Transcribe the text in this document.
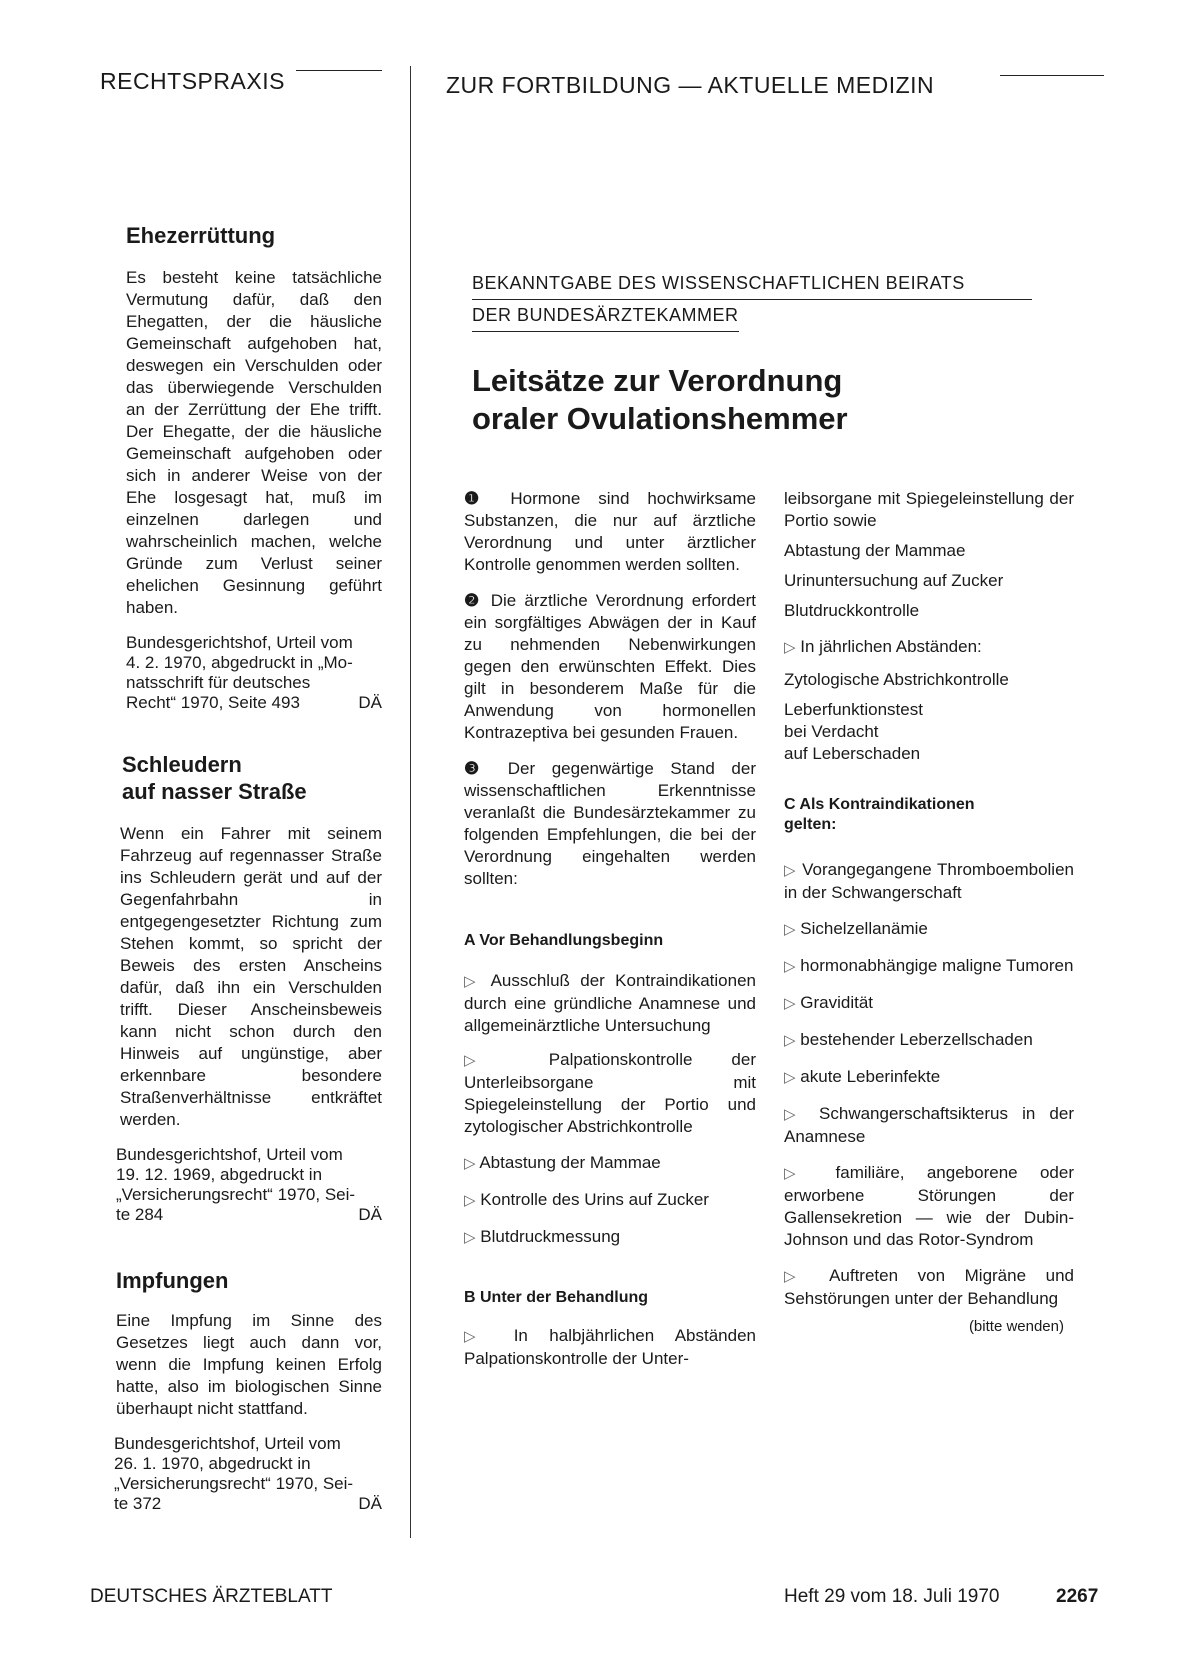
RECHTSPRAXIS	ZUR FORTBILDUNG — AKTUELLE MEDIZIN
Ehezerrüttung

Es besteht keine tatsächliche Vermutung dafür, daß den Ehegatten, der die häusliche Gemeinschaft aufgehoben hat, deswegen ein Verschulden oder das überwiegende Verschulden an der Zerrüttung der Ehe trifft. Der Ehegatte, der die häusliche Gemeinschaft aufgehoben oder sich in anderer Weise von der Ehe losgesagt hat, muß im einzelnen darlegen und wahrscheinlich machen, welche Gründe zum Verlust seiner ehelichen Gesinnung geführt haben.

Bundesgerichtshof, Urteil vom
4. 2. 1970, abgedruckt in „Mo-
natsschrift für deutsches
Recht“ 1970, Seite 493	DÄ
Schleudern
auf nasser Straße

Wenn ein Fahrer mit seinem Fahrzeug auf regennasser Straße ins Schleudern gerät und auf der Gegenfahrbahn in entgegengesetzter Richtung zum Stehen kommt, so spricht der Beweis des ersten Anscheins dafür, daß ihn ein Verschulden trifft. Dieser Anscheinsbeweis kann nicht schon durch den Hinweis auf ungünstige, aber erkennbare besondere Straßenverhältnisse entkräftet werden.

Bundesgerichtshof, Urteil vom
19. 12. 1969, abgedruckt in
„Versicherungsrecht“ 1970, Sei-
te 284	DÄ
Impfungen

Eine Impfung im Sinne des Gesetzes liegt auch dann vor, wenn die Impfung keinen Erfolg hatte, also im biologischen Sinne überhaupt nicht stattfand.

Bundesgerichtshof, Urteil vom
26. 1. 1970, abgedruckt in
„Versicherungsrecht“ 1970, Sei-
te 372	DÄ
BEKANNTGABE DES WISSENSCHAFTLICHEN BEIRATS
DER BUNDESÄRZTEKAMMER
Leitsätze zur Verordnung
oraler Ovulationshemmer

❶ Hormone sind hochwirksame Substanzen, die nur auf ärztliche Verordnung und unter ärztlicher Kontrolle genommen werden sollten.

❷ Die ärztliche Verordnung erfordert ein sorgfältiges Abwägen der in Kauf zu nehmenden Nebenwirkungen gegen den erwünschten Effekt. Dies gilt in besonderem Maße für die Anwendung von hormonellen Kontrazeptiva bei gesunden Frauen.

❸ Der gegenwärtige Stand der wissenschaftlichen Erkenntnisse veranlaßt die Bundesärztekammer zu folgenden Empfehlungen, die bei der Verordnung eingehalten werden sollten:

A Vor Behandlungsbeginn

▷ Ausschluß der Kontraindikationen durch eine gründliche Anamnese und allgemeinärztliche Untersuchung

▷ Palpationskontrolle der Unterleibsorgane mit Spiegeleinstellung der Portio und zytologischer Abstrichkontrolle

▷ Abtastung der Mammae

▷ Kontrolle des Urins auf Zucker

▷ Blutdruckmessung

B Unter der Behandlung

▷ In halbjährlichen Abständen Palpationskontrolle der Unter-

leibsorgane mit Spiegeleinstellung der Portio sowie

Abtastung der Mammae
Urinuntersuchung auf Zucker
Blutdruckkontrolle
▷ In jährlichen Abständen:
Zytologische Abstrichkontrolle
Leberfunktionstest
bei Verdacht
auf Leberschaden
C Als Kontraindikationen
gelten:

▷ Vorangegangene Thromboembolien in der Schwangerschaft

▷ Sichelzellanämie

▷ hormonabhängige maligne Tumoren

▷ Gravidität

▷ bestehender Leberzellschaden

▷ akute Leberinfekte

▷ Schwangerschaftsikterus in der Anamnese

▷ familiäre, angeborene oder erworbene Störungen der Gallensekretion — wie der Dubin-Johnson und das Rotor-Syndrom

▷ Auftreten von Migräne und Sehstörungen unter der Behandlung

(bitte wenden)
DEUTSCHES ÄRZTEBLATT	Heft 29 vom 18. Juli 1970	2267
